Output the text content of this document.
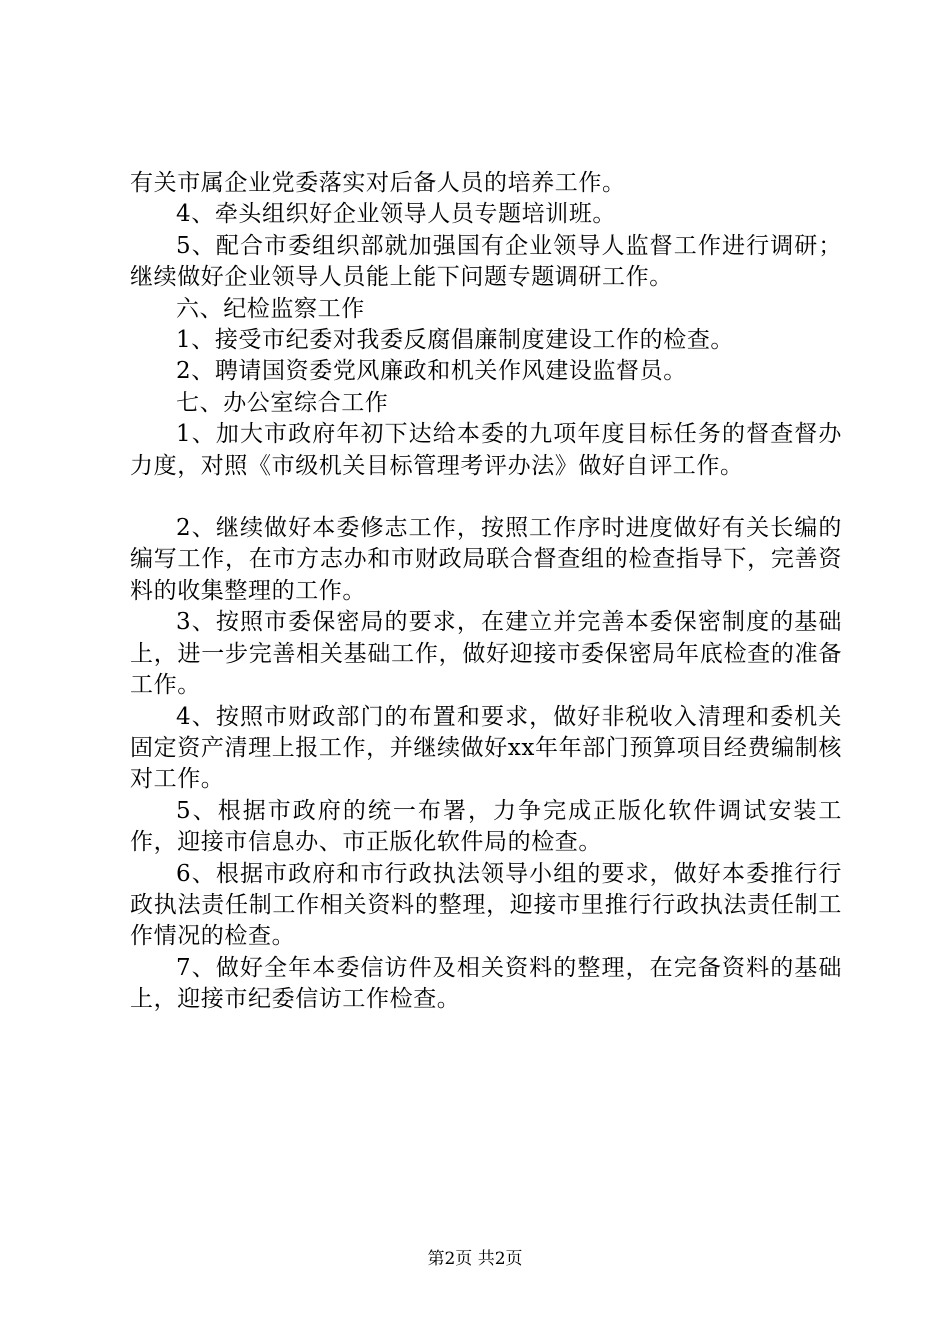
有关市属企业党委落实对后备人员的培养工作。

4、牵头组织好企业领导人员专题培训班。

5、配合市委组织部就加强国有企业领导人监督工作进行调研；继续做好企业领导人员能上能下问题专题调研工作。

六、纪检监察工作

1、接受市纪委对我委反腐倡廉制度建设工作的检查。

2、聘请国资委党风廉政和机关作风建设监督员。

七、办公室综合工作

1、加大市政府年初下达给本委的九项年度目标任务的督查督办力度，对照《市级机关目标管理考评办法》做好自评工作。

2、继续做好本委修志工作，按照工作序时进度做好有关长编的编写工作，在市方志办和市财政局联合督查组的检查指导下，完善资料的收集整理的工作。

3、按照市委保密局的要求，在建立并完善本委保密制度的基础上，进一步完善相关基础工作，做好迎接市委保密局年底检查的准备工作。

4、按照市财政部门的布置和要求，做好非税收入清理和委机关固定资产清理上报工作，并继续做好xx年年部门预算项目经费编制核对工作。

5、根据市政府的统一布署，力争完成正版化软件调试安装工作，迎接市信息办、市正版化软件局的检查。

6、根据市政府和市行政执法领导小组的要求，做好本委推行行政执法责任制工作相关资料的整理，迎接市里推行行政执法责任制工作情况的检查。

7、做好全年本委信访件及相关资料的整理，在完备资料的基础上，迎接市纪委信访工作检查。

第2页 共2页
